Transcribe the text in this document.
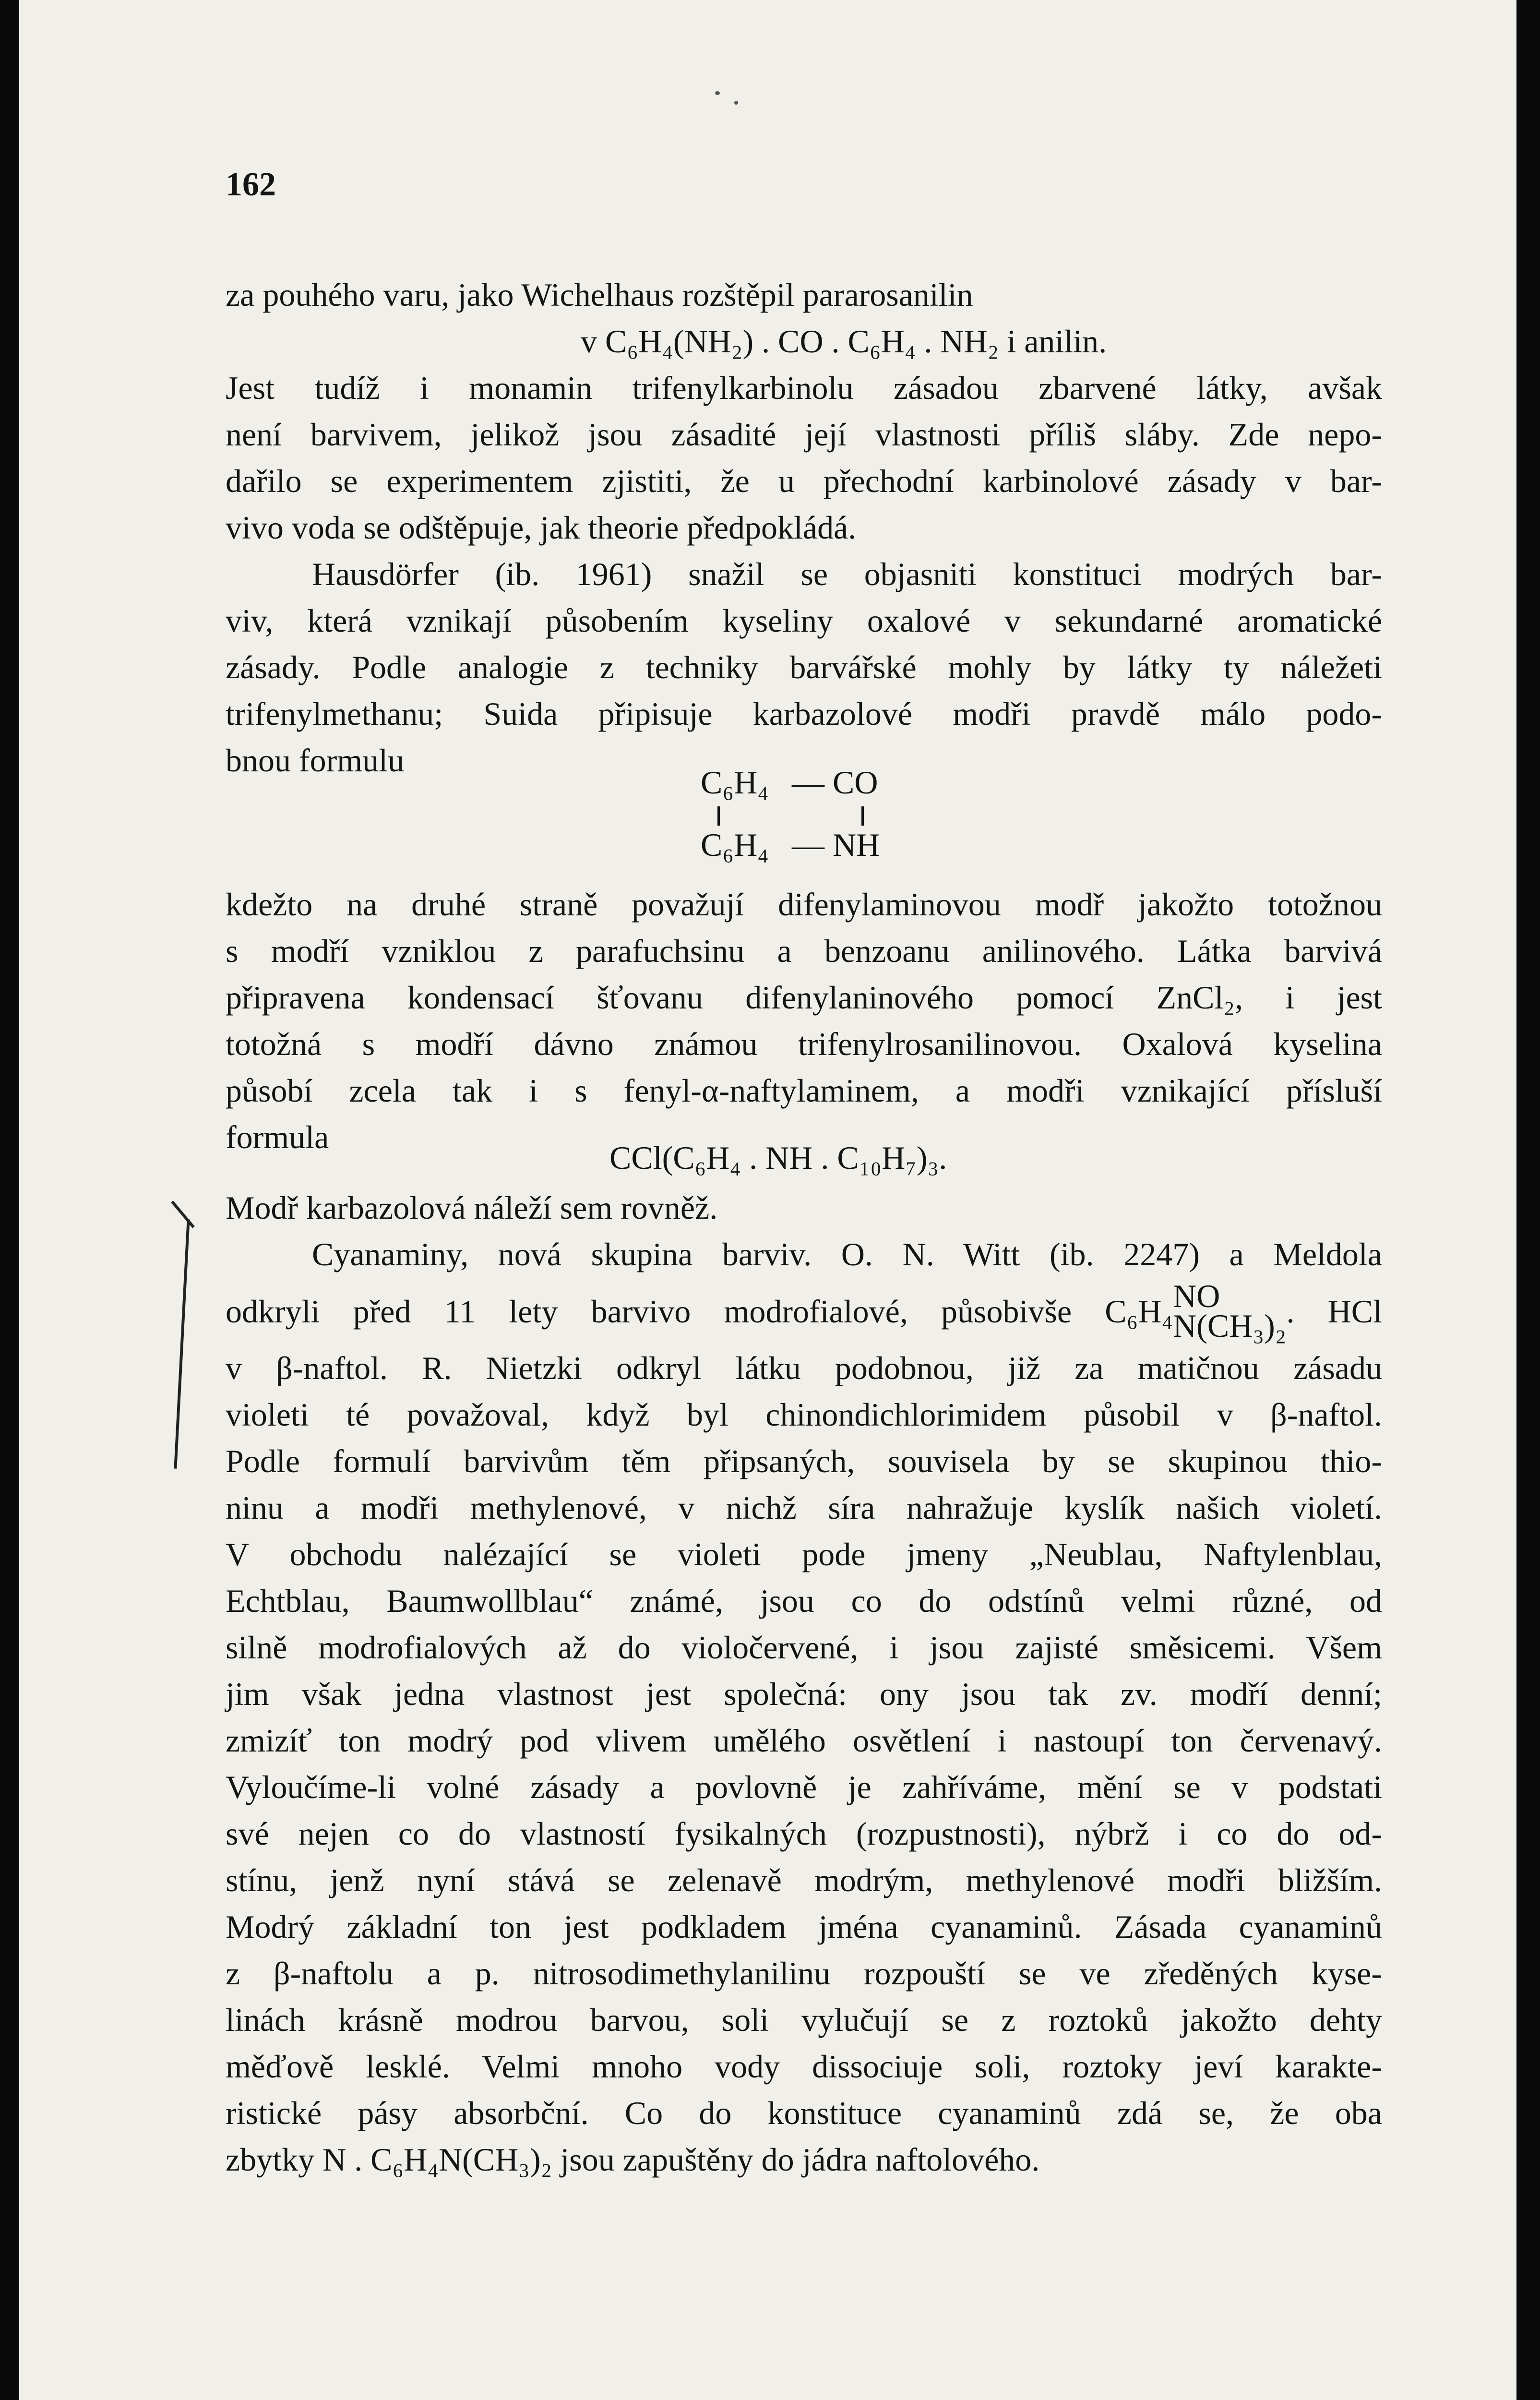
162
za pouhého varu, jako Wichelhaus rozštěpil pararosanilin
v C₆H₄(NH₂) . CO . C₆H₄ . NH₂ i anilin.
Jest tudíž i monamin trifenylkarbinolu zásadou zbarvené látky, avšak
není barvivem, jelikož jsou zásadité její vlastnosti příliš sláby. Zde nepo-
dařilo se experimentem zjistiti, že u přechodní karbinolové zásady v bar-
vivo voda se odštěpuje, jak theorie předpokládá.
Hausdörfer (ib. 1961) snažil se objasniti konstituci modrých bar-
viv, která vznikají působením kyseliny oxalové v sekundarné aromatické
zásady. Podle analogie z techniky barvářské mohly by látky ty náležeti
trifenylmethanu; Suida připisuje karbazolové modři pravdě málo podo-
bnou formulu
C₆H₄ — CO
C₆H₄ — NH
kdežto na druhé straně považují difenylaminovou modř jakožto totožnou
s modří vzniklou z parafuchsinu a benzoanu anilinového. Látka barvivá
připravena kondensací šťovanu difenylaninového pomocí ZnCl₂, i jest
totožná s modří dávno známou trifenylrosanilinovou. Oxalová kyselina
působí zcela tak i s fenyl-α-naftylaminem, a modři vznikající přísluší
formula
CCl(C₆H₄ . NH . C₁₀H₇)₃.
Modř karbazolová náleží sem rovněž.
Cyanaminy, nová skupina barviv. O. N. Witt (ib. 2247) a Meldola
odkryli před 11 lety barvivo modrofialové, působivše C₆H₄ NO
N(CH₃)₂ . HCl
v β-naftol. R. Nietzki odkryl látku podobnou, již za matičnou zásadu
violeti té považoval, když byl chinondichlorimidem působil v β-naftol.
Podle formulí barvivům těm připsaných, souvisela by se skupinou thio-
ninu a modři methylenové, v nichž síra nahražuje kyslík našich violetí.
V obchodu nalézající se violeti pode jmeny „Neublau, Naftylenblau,
Echtblau, Baumwollblau“ známé, jsou co do odstínů velmi různé, od
silně modrofialových až do violočervené, i jsou zajisté směsicemi. Všem
jim však jedna vlastnost jest společná: ony jsou tak zv. modří denní;
zmizíť ton modrý pod vlivem umělého osvětlení i nastoupí ton červenavý.
Vyloučíme-li volné zásady a povlovně je zahříváme, mění se v podstati
své nejen co do vlastností fysikalných (rozpustnosti), nýbrž i co do od-
stínu, jenž nyní stává se zelenavě modrým, methylenové modři bližším.
Modrý základní ton jest podkladem jména cyanaminů. Zásada cyanaminů
z β-naftolu a p. nitrosodimethylanilinu rozpouští se ve zředěných kyse-
linách krásně modrou barvou, soli vylučují se z roztoků jakožto dehty
měďově lesklé. Velmi mnoho vody dissociuje soli, roztoky jeví karakte-
ristické pásy absorbční. Co do konstituce cyanaminů zdá se, že oba
zbytky N . C₆H₄N(CH₃)₂ jsou zapuštěny do jádra naftolového.
